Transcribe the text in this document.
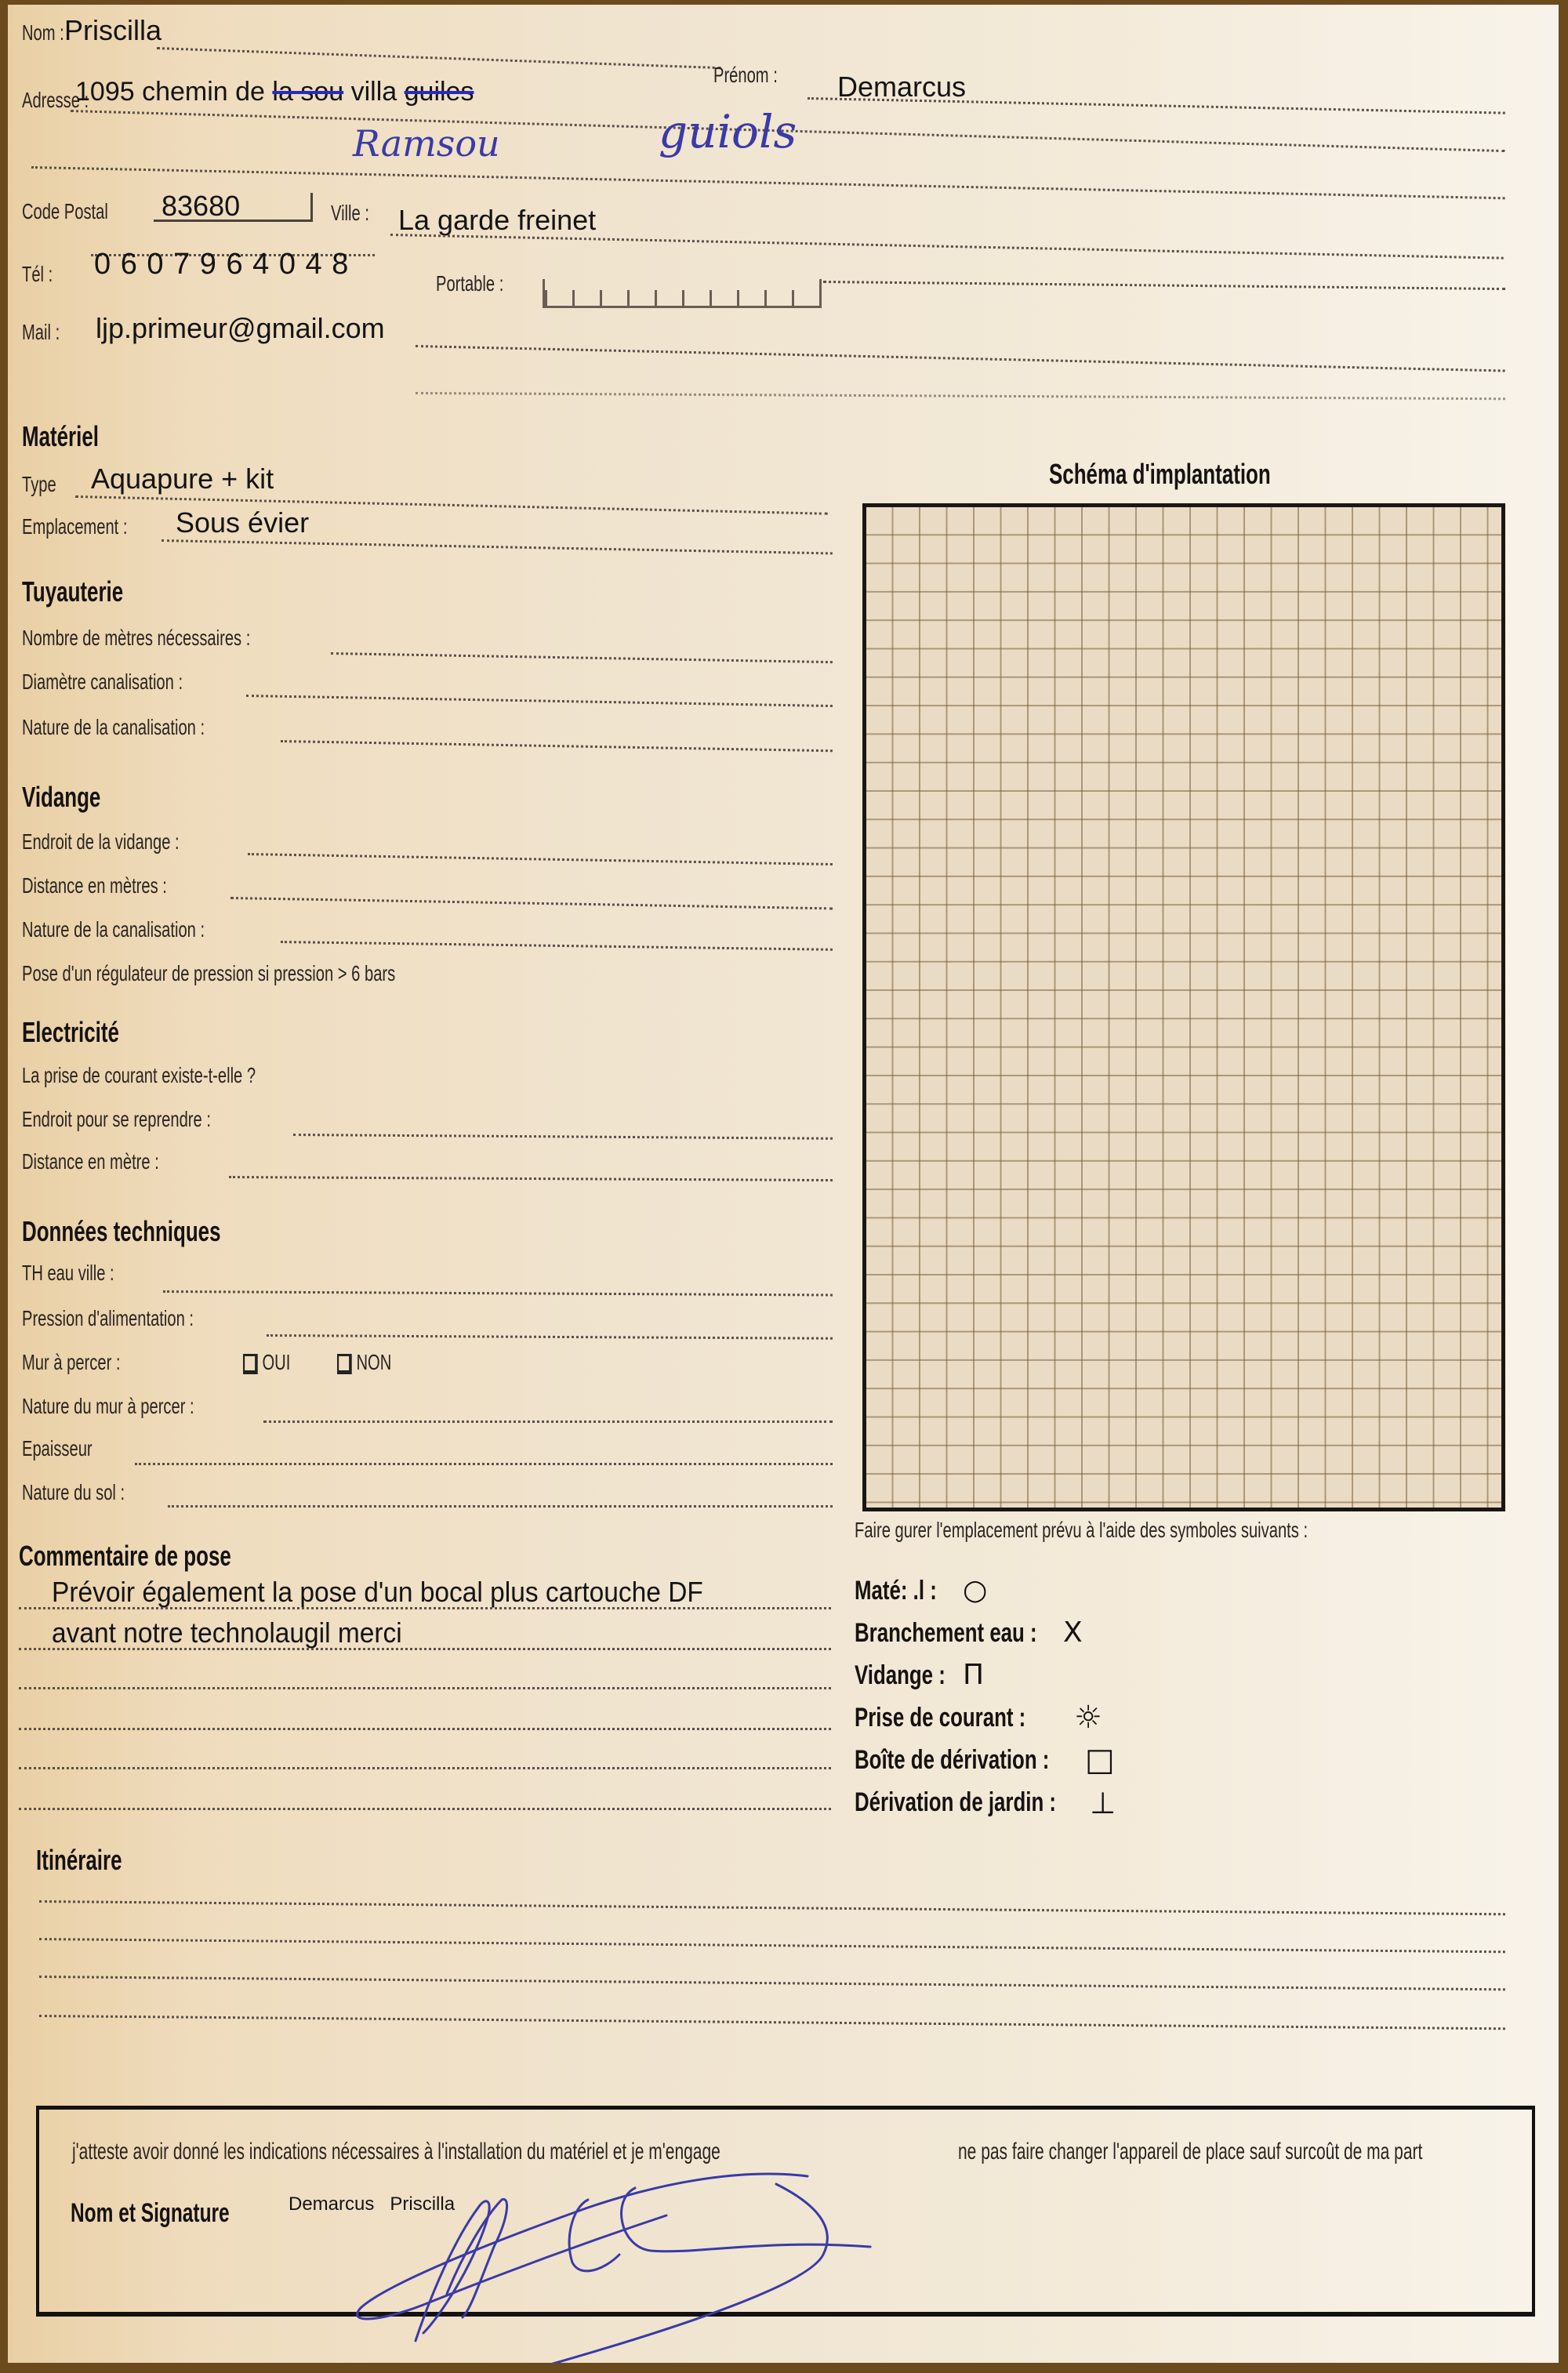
Nom : Priscilla
Prénom : Demarcus
Adresse :
1095 chemin de la sou villa guiles
guiols
Ramsou
Code Postal 83680	Ville : La garde freinet
Tél : 0 6 0 7 9 6 4 0 4 8
Portable :
Mail : ljp.primeur@gmail.com
Matériel
Type Aquapure + kit
Emplacement : Sous évier
Tuyauterie
Nombre de mètres nécessaires :
Diamètre canalisation :
Nature de la canalisation :
Vidange
Endroit de la vidange :
Distance en mètres :
Nature de la canalisation :
Pose d'un régulateur de pression si pression > 6 bars
Electricité
La prise de courant existe-t-elle ?
Endroit pour se reprendre :
Distance en mètre :
Données techniques
TH eau ville :
Pression d'alimentation :
Mur à percer :	OUI	NON
Nature du mur à percer :
Epaisseur
Nature du sol :
Commentaire de pose
Prévoir également la pose d'un bocal plus cartouche DF
avant notre technolaugil merci
Itinéraire
Schéma d'implantation
Faire gurer l'emplacement prévu à l'aide des symboles suivants :
Maté: .l : ○
Branchement eau : X
Vidange : Π
Prise de courant : ☼
Boîte de dérivation : □
Dérivation de jardin : ⊥
j'atteste avoir donné les indications nécessaires à l'installation du matériel et je m'engage	ne pas faire changer l'appareil de place sauf surcoût de ma part
Nom et Signature	Demarcus   Priscilla
